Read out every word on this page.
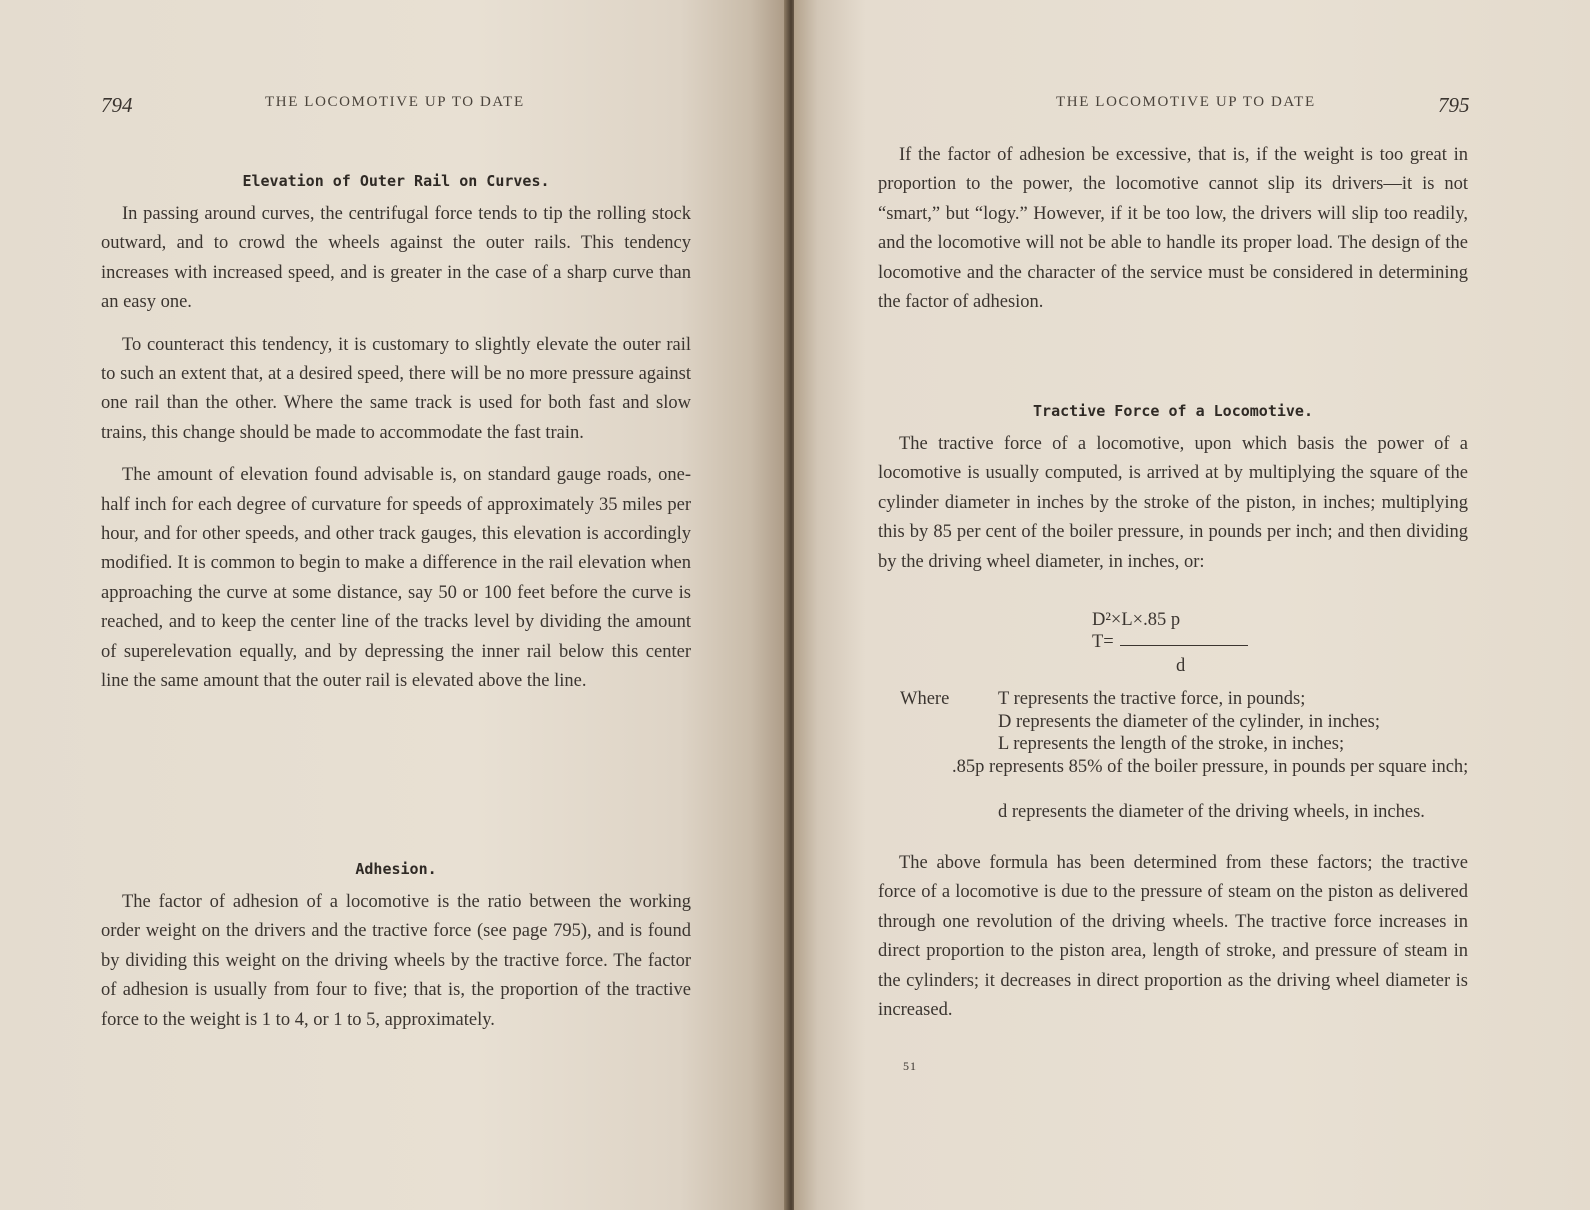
794	THE LOCOMOTIVE UP TO DATE
Elevation of Outer Rail on Curves.

In passing around curves, the centrifugal force tends to tip the rolling stock outward, and to crowd the wheels against the outer rails. This tendency increases with increased speed, and is greater in the case of a sharp curve than an easy one.

To counteract this tendency, it is customary to slightly elevate the outer rail to such an extent that, at a desired speed, there will be no more pressure against one rail than the other. Where the same track is used for both fast and slow trains, this change should be made to accommodate the fast train.

The amount of elevation found advisable is, on standard gauge roads, one-half inch for each degree of curvature for speeds of approximately 35 miles per hour, and for other speeds, and other track gauges, this elevation is accordingly modified. It is common to begin to make a difference in the rail elevation when approaching the curve at some distance, say 50 or 100 feet before the curve is reached, and to keep the center line of the tracks level by dividing the amount of superelevation equally, and by depressing the inner rail below this center line the same amount that the outer rail is elevated above the line.

Adhesion.

The factor of adhesion of a locomotive is the ratio between the working order weight on the drivers and the tractive force (see page 795), and is found by dividing this weight on the driving wheels by the tractive force. The factor of adhesion is usually from four to five; that is, the proportion of the tractive force to the weight is 1 to 4, or 1 to 5, approximately.

THE LOCOMOTIVE UP TO DATE	795

If the factor of adhesion be excessive, that is, if the weight is too great in proportion to the power, the locomotive cannot slip its drivers—it is not “smart,” but “logy.” However, if it be too low, the drivers will slip too readily, and the locomotive will not be able to handle its proper load. The design of the locomotive and the character of the service must be considered in determining the factor of adhesion.

Tractive Force of a Locomotive.

The tractive force of a locomotive, upon which basis the power of a locomotive is usually computed, is arrived at by multiplying the square of the cylinder diameter in inches by the stroke of the piston, in inches; multiplying this by 85 per cent of the boiler pressure, in pounds per inch; and then dividing by the driving wheel diameter, in inches, or:

D²×L×.85 p
T=
d
Where	T represents the tractive force, in pounds;
D represents the diameter of the cylinder, in inches;
L represents the length of the stroke, in inches;
.85p represents 85% of the boiler pressure, in pounds per square inch;
d represents the diameter of the driving wheels, in inches.

The above formula has been determined from these factors; the tractive force of a locomotive is due to the pressure of steam on the piston as delivered through one revolution of the driving wheels. The tractive force increases in direct proportion to the piston area, length of stroke, and pressure of steam in the cylinders; it decreases in direct proportion as the driving wheel diameter is increased.

51
